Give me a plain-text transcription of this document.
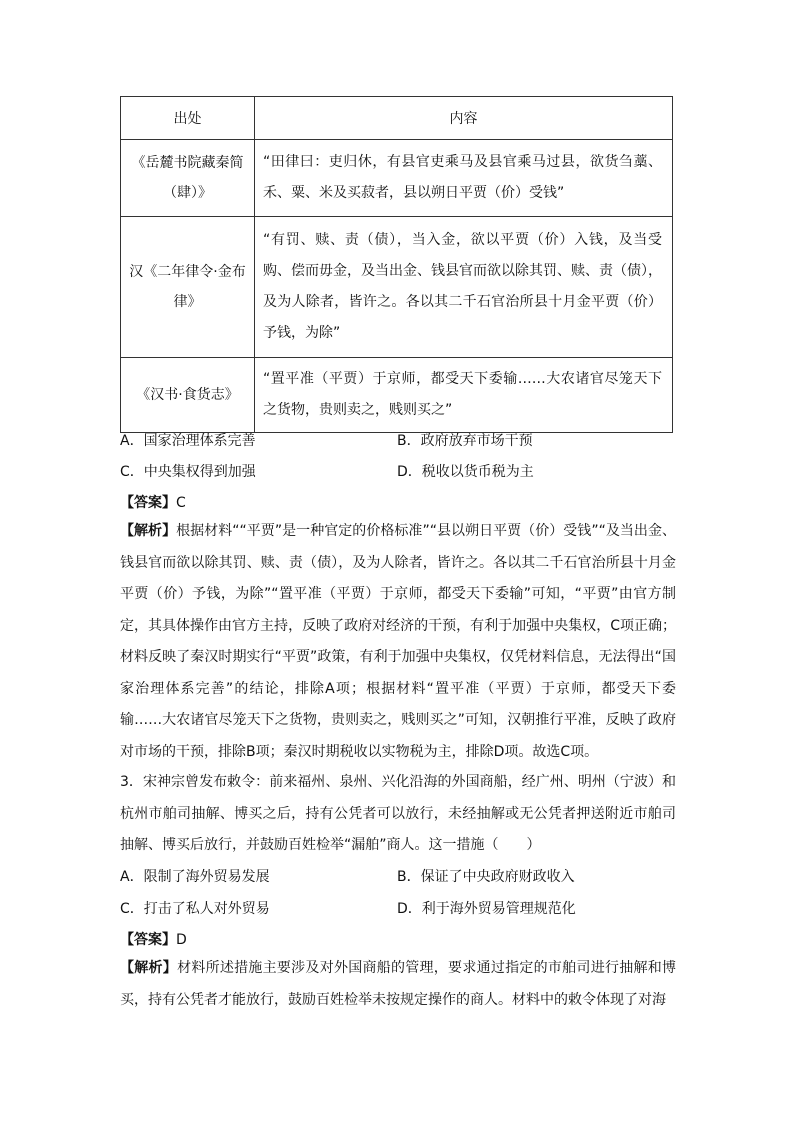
出处	内容
《岳麓书院藏秦简（肆）》	“田律曰：吏归休，有县官吏乘马及县官乘马过县，欲货刍藁、禾、粟、米及买菽者，县以朔日平贾（价）受钱”
汉《二年律令·金布律》	“有罚、赎、责（债），当入金，欲以平贾（价）入钱，及当受购、偿而毋金，及当出金、钱县官而欲以除其罚、赎、责（债），及为人除者，皆许之。各以其二千石官治所县十月金平贾（价）予钱，为除”
《汉书·食货志》	“置平准（平贾）于京师，都受天下委输……大农诸官尽笼天下之货物，贵则卖之，贱则买之”
A．国家治理体系完善	B．政府放弃市场干预
C．中央集权得到加强	D．税收以货币税为主
【答案】C
【解析】根据材料““平贾”是一种官定的价格标准”“县以朔日平贾（价）受钱”“及当出金、钱县官而欲以除其罚、赎、责（债），及为人除者，皆许之。各以其二千石官治所县十月金平贾（价）予钱，为除”“置平准（平贾）于京师，都受天下委输”可知，“平贾”由官方制定，其具体操作由官方主持，反映了政府对经济的干预，有利于加强中央集权，C项正确；材料反映了秦汉时期实行“平贾”政策，有利于加强中央集权，仅凭材料信息，无法得出“国家治理体系完善”的结论，排除A项；根据材料“置平准（平贾）于京师，都受天下委输……大农诸官尽笼天下之货物，贵则卖之，贱则买之”可知，汉朝推行平准，反映了政府对市场的干预，排除B项；秦汉时期税收以实物税为主，排除D项。故选C项。
3．宋神宗曾发布敕令：前来福州、泉州、兴化沿海的外国商船，经广州、明州（宁波）和杭州市舶司抽解、博买之后，持有公凭者可以放行，未经抽解或无公凭者押送附近市舶司抽解、博买后放行，并鼓励百姓检举“漏舶”商人。这一措施（　　）
A．限制了海外贸易发展	B．保证了中央政府财政收入
C．打击了私人对外贸易	D．利于海外贸易管理规范化
【答案】D
【解析】材料所述措施主要涉及对外国商船的管理，要求通过指定的市舶司进行抽解和博买，持有公凭者才能放行，鼓励百姓检举未按规定操作的商人。材料中的敕令体现了对海
